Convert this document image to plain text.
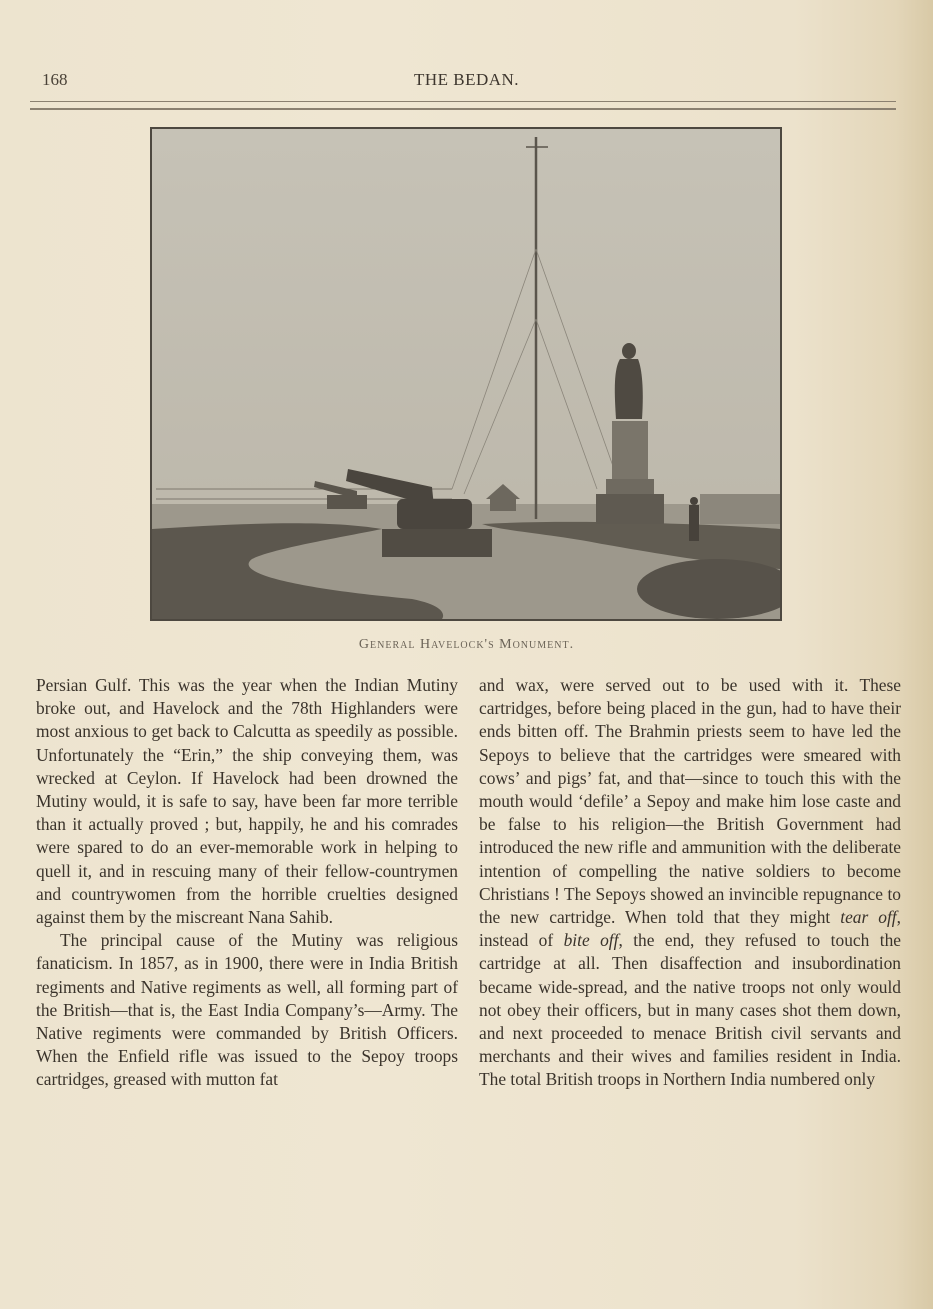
168	THE BEDAN.
General Havelock's Monument.

Persian Gulf. This was the year when the Indian Mutiny broke out, and Havelock and the 78th Highlanders were most anxious to get back to Calcutta as speedily as possible. Unfortunately the “Erin,” the ship conveying them, was wrecked at Ceylon. If Havelock had been drowned the Mutiny would, it is safe to say, have been far more terrible than it actually proved ; but, happily, he and his comrades were spared to do an ever-memorable work in helping to quell it, and in rescuing many of their fellow-countrymen and countrywomen from the horrible cruelties designed against them by the miscreant Nana Sahib.

The principal cause of the Mutiny was religious fanaticism. In 1857, as in 1900, there were in India British regiments and Native regiments as well, all forming part of the British—that is, the East India Company’s—Army. The Native regiments were commanded by British Officers. When the Enfield rifle was issued to the Sepoy troops cartridges, greased with mutton fat

and wax, were served out to be used with it. These cartridges, before being placed in the gun, had to have their ends bitten off. The Brahmin priests seem to have led the Sepoys to believe that the cartridges were smeared with cows’ and pigs’ fat, and that—since to touch this with the mouth would ‘defile’ a Sepoy and make him lose caste and be false to his religion—the British Government had introduced the new rifle and ammunition with the deliberate intention of compelling the native soldiers to become Christians ! The Sepoys showed an invincible repugnance to the new cartridge. When told that they might tear off, instead of bite off, the end, they refused to touch the cartridge at all. Then disaffection and insubordination became wide-spread, and the native troops not only would not obey their officers, but in many cases shot them down, and next proceeded to menace British civil servants and merchants and their wives and families resident in India. The total British troops in Northern India numbered only
